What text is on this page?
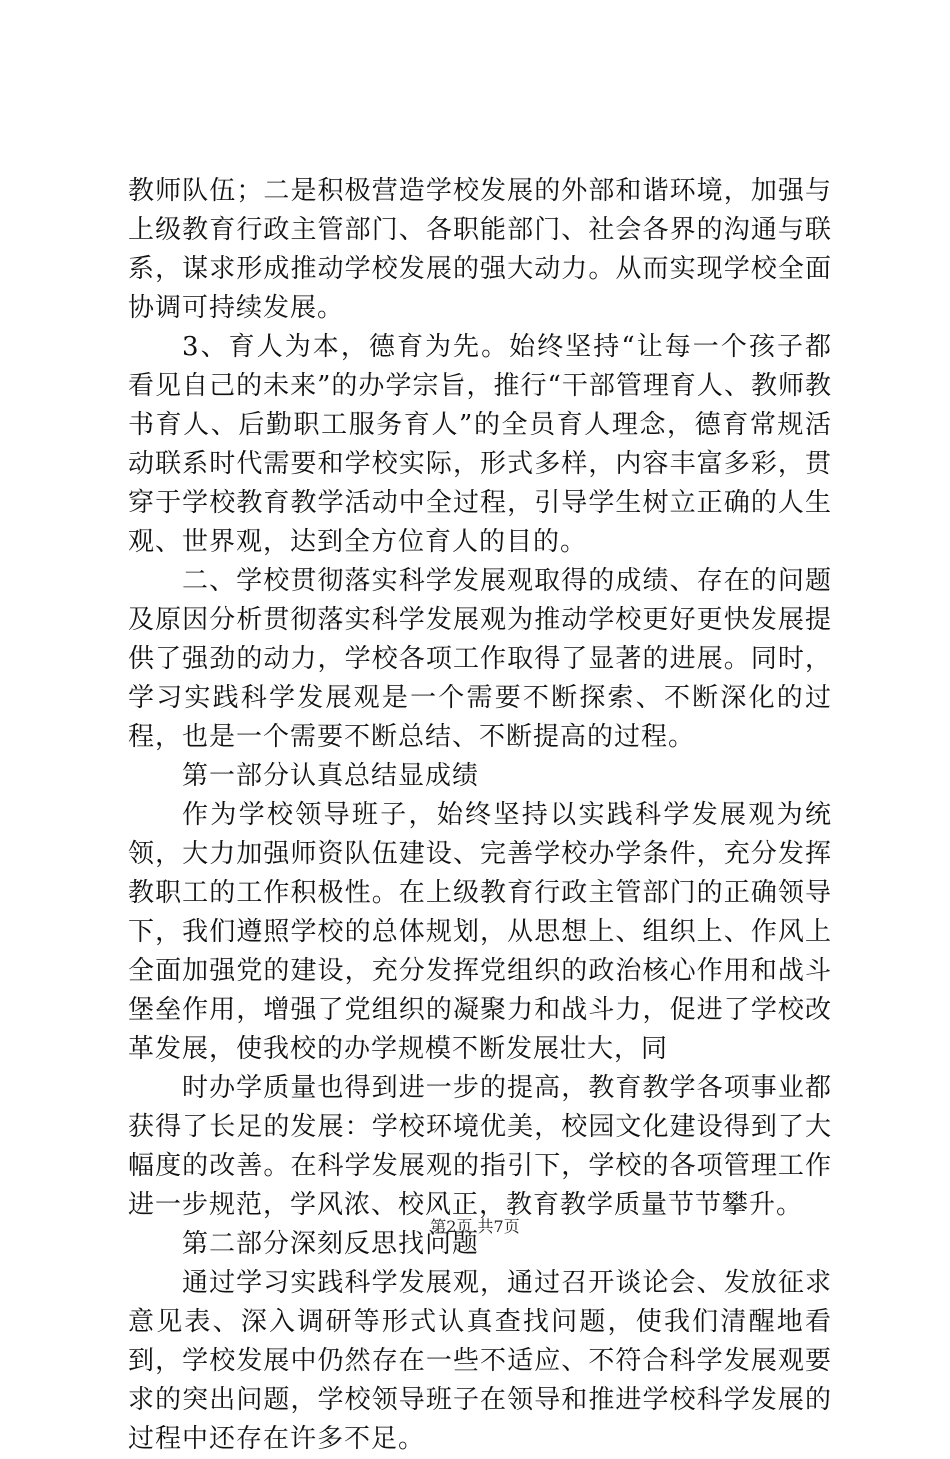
教师队伍；二是积极营造学校发展的外部和谐环境，加强与上级教育行政主管部门、各职能部门、社会各界的沟通与联系，谋求形成推动学校发展的强大动力。从而实现学校全面协调可持续发展。

3、育人为本，德育为先。始终坚持“让每一个孩子都看见自己的未来”的办学宗旨，推行“干部管理育人、教师教书育人、后勤职工服务育人”的全员育人理念，德育常规活动联系时代需要和学校实际，形式多样，内容丰富多彩，贯穿于学校教育教学活动中全过程，引导学生树立正确的人生观、世界观，达到全方位育人的目的。

二、学校贯彻落实科学发展观取得的成绩、存在的问题及原因分析贯彻落实科学发展观为推动学校更好更快发展提供了强劲的动力，学校各项工作取得了显著的进展。同时，学习实践科学发展观是一个需要不断探索、不断深化的过程，也是一个需要不断总结、不断提高的过程。

第一部分认真总结显成绩

作为学校领导班子，始终坚持以实践科学发展观为统领，大力加强师资队伍建设、完善学校办学条件，充分发挥教职工的工作积极性。在上级教育行政主管部门的正确领导下，我们遵照学校的总体规划，从思想上、组织上、作风上全面加强党的建设，充分发挥党组织的政治核心作用和战斗堡垒作用，增强了党组织的凝聚力和战斗力，促进了学校改革发展，使我校的办学规模不断发展壮大，同

时办学质量也得到进一步的提高，教育教学各项事业都获得了长足的发展：学校环境优美，校园文化建设得到了大幅度的改善。在科学发展观的指引下，学校的各项管理工作进一步规范，学风浓、校风正，教育教学质量节节攀升。

第二部分深刻反思找问题

通过学习实践科学发展观，通过召开谈论会、发放征求意见表、深入调研等形式认真查找问题，使我们清醒地看到，学校发展中仍然存在一些不适应、不符合科学发展观要求的突出问题，学校领导班子在领导和推进学校科学发展的过程中还存在许多不足。

第2页 共7页
